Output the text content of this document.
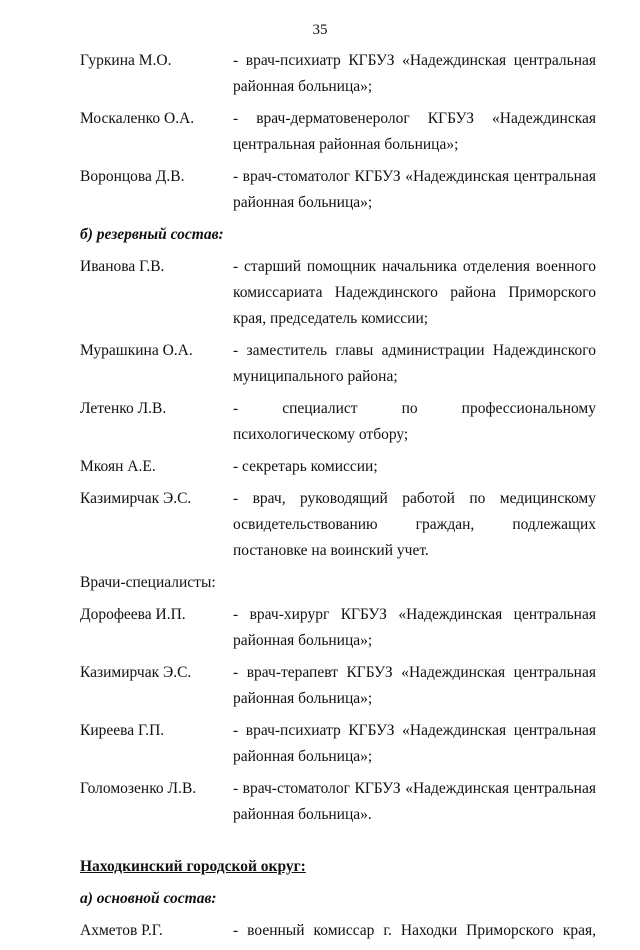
35
Гуркина М.О.	- врач-психиатр КГБУЗ «Надеждинская центральная районная больница»;
Москаленко О.А.	- врач-дерматовенеролог КГБУЗ «Надеждинская центральная районная больница»;
Воронцова Д.В.	- врач-стоматолог КГБУЗ «Надеждинская центральная районная больница»;
б) резервный состав:
Иванова Г.В.	- старший помощник начальника отделения военного комиссариата Надеждинского района Приморского края, председатель комиссии;
Мурашкина О.А.	- заместитель главы администрации Надеждинского муниципального района;
Летенко Л.В.	- специалист по профессиональному психологическому отбору;
Мкоян А.Е.	- секретарь комиссии;
Казимирчак Э.С.	- врач, руководящий работой по медицинскому освидетельствованию граждан, подлежащих постановке на воинский учет.
Врачи-специалисты:
Дорофеева И.П.	- врач-хирург КГБУЗ «Надеждинская центральная районная больница»;
Казимирчак Э.С.	- врач-терапевт КГБУЗ «Надеждинская центральная районная больница»;
Киреева Г.П.	- врач-психиатр КГБУЗ «Надеждинская центральная районная больница»;
Голомозенко Л.В.	- врач-стоматолог КГБУЗ «Надеждинская центральная районная больница».
Находкинский городской округ:
а) основной состав:
Ахметов Р.Г.	- военный комиссар г. Находки Приморского края,
